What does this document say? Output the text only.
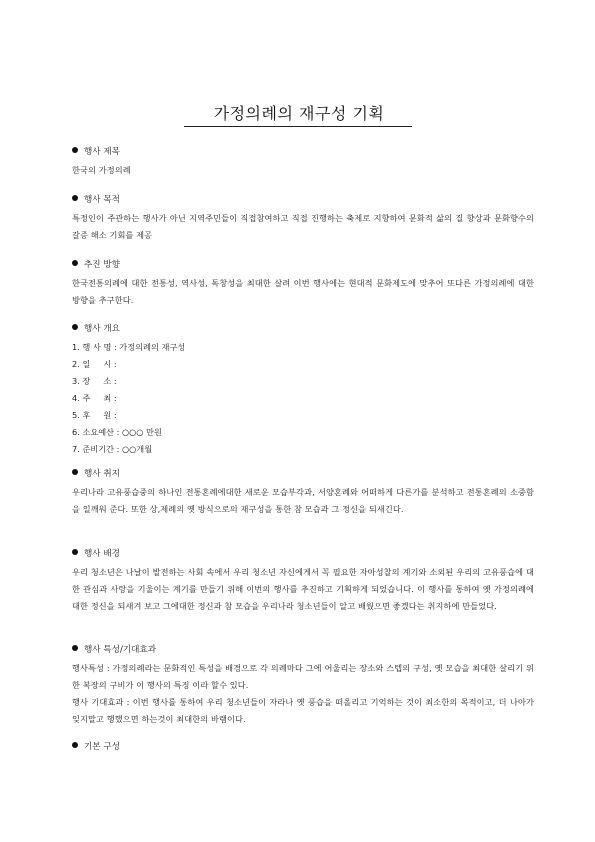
가정의례의 재구성 기획
행사 제목

한국의 가정의례

행사 목적

특정인이 주관하는 행사가 아닌 지역주민들이 직접참여하고 직접 진행하는 축제로 지향하여 문화적 삶의 질 향상과 문화향수의 갈증 해소 기회를 제공

추진 방향

한국전통의례에 대한 전통성, 역사성, 독창성을 최대한 살려 이번 행사에는 현대적 문화제도에 맞추어 또다른 가정의례에 대한 방향을 추구한다.

행사 개요

1. 행 사 명 : 가정의례의 재구성

2. 일     시 :

3. 장     소 :

4. 주     최 :

5. 후     원 :

6. 소요예산 : ○○○ 만원

7. 준비기간 : ○○개월

행사 취지

우리나라 고유풍습중의 하나인 전통혼례에대한 새로운 모습부각과, 서양혼례와 어떠하게 다른가를 분석하고 전통혼례의 소중함을 일깨워 준다. 또한 상,제례의 옛 방식으로의 재구성을 통한 참 모습과 그 정신을 되새긴다.

행사 배경

우리 청소년은 나날이 발전하는 사회 속에서 우리 청소년 자신에게서 꼭 필요한 자아성찰의 계기와 소외된 우리의 고유풍습에 대한 관심과 사랑을 기울이는 계기를 만들기 위해 이번의 행사를 추진하고 기획하게 되었습니다. 이 행사를 통하여 옛 가정의례에 대한 정신을 되새겨 보고 그에대한 정신과 참 모습을 우리나라 청소년들이 알고 배웠으면 좋겠다는 취지하에 만들었다.

행사 특성/기대효과

행사특성 : 가정의례라는 문화적인 특성을 배경으로 각 의례마다 그에 어울리는 장소와 스텝의 구성, 옛 모습을 최대한 살리기 위한 복장의 구비가 이 행사의 특징 이라 할수 있다.

행사 기대효과 : 이번 행사를 통하여 우리 청소년들이 자라나 옛 풍습을 떠올리고 기억하는 것이 최소한의 목적이고, 더 나아가 잊지말고 행했으면 하는것이 최대한의 바램이다.

기본 구성
